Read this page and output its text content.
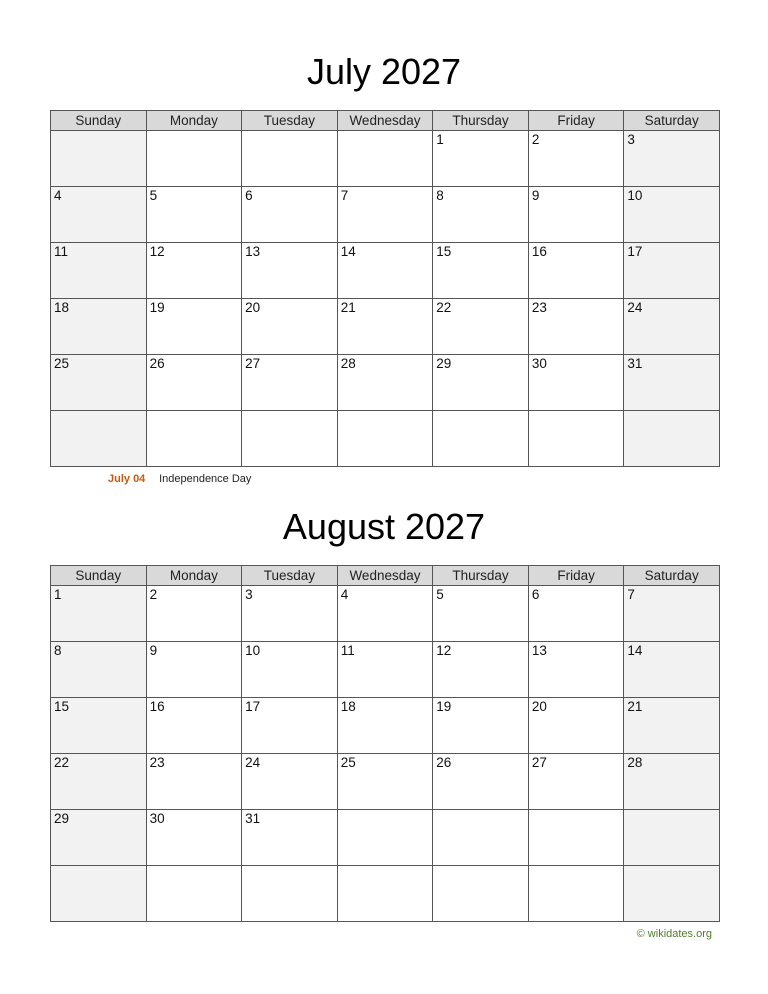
July 2027
Sunday	Monday	Tuesday	Wednesday	Thursday	Friday	Saturday
				1	2	3
4	5	6	7	8	9	10
11	12	13	14	15	16	17
18	19	20	21	22	23	24
25	26	27	28	29	30	31

July 04 Independence Day
August 2027
Sunday	Monday	Tuesday	Wednesday	Thursday	Friday	Saturday
1	2	3	4	5	6	7
8	9	10	11	12	13	14
15	16	17	18	19	20	21
22	23	24	25	26	27	28
29	30	31				

© wikidates.org
